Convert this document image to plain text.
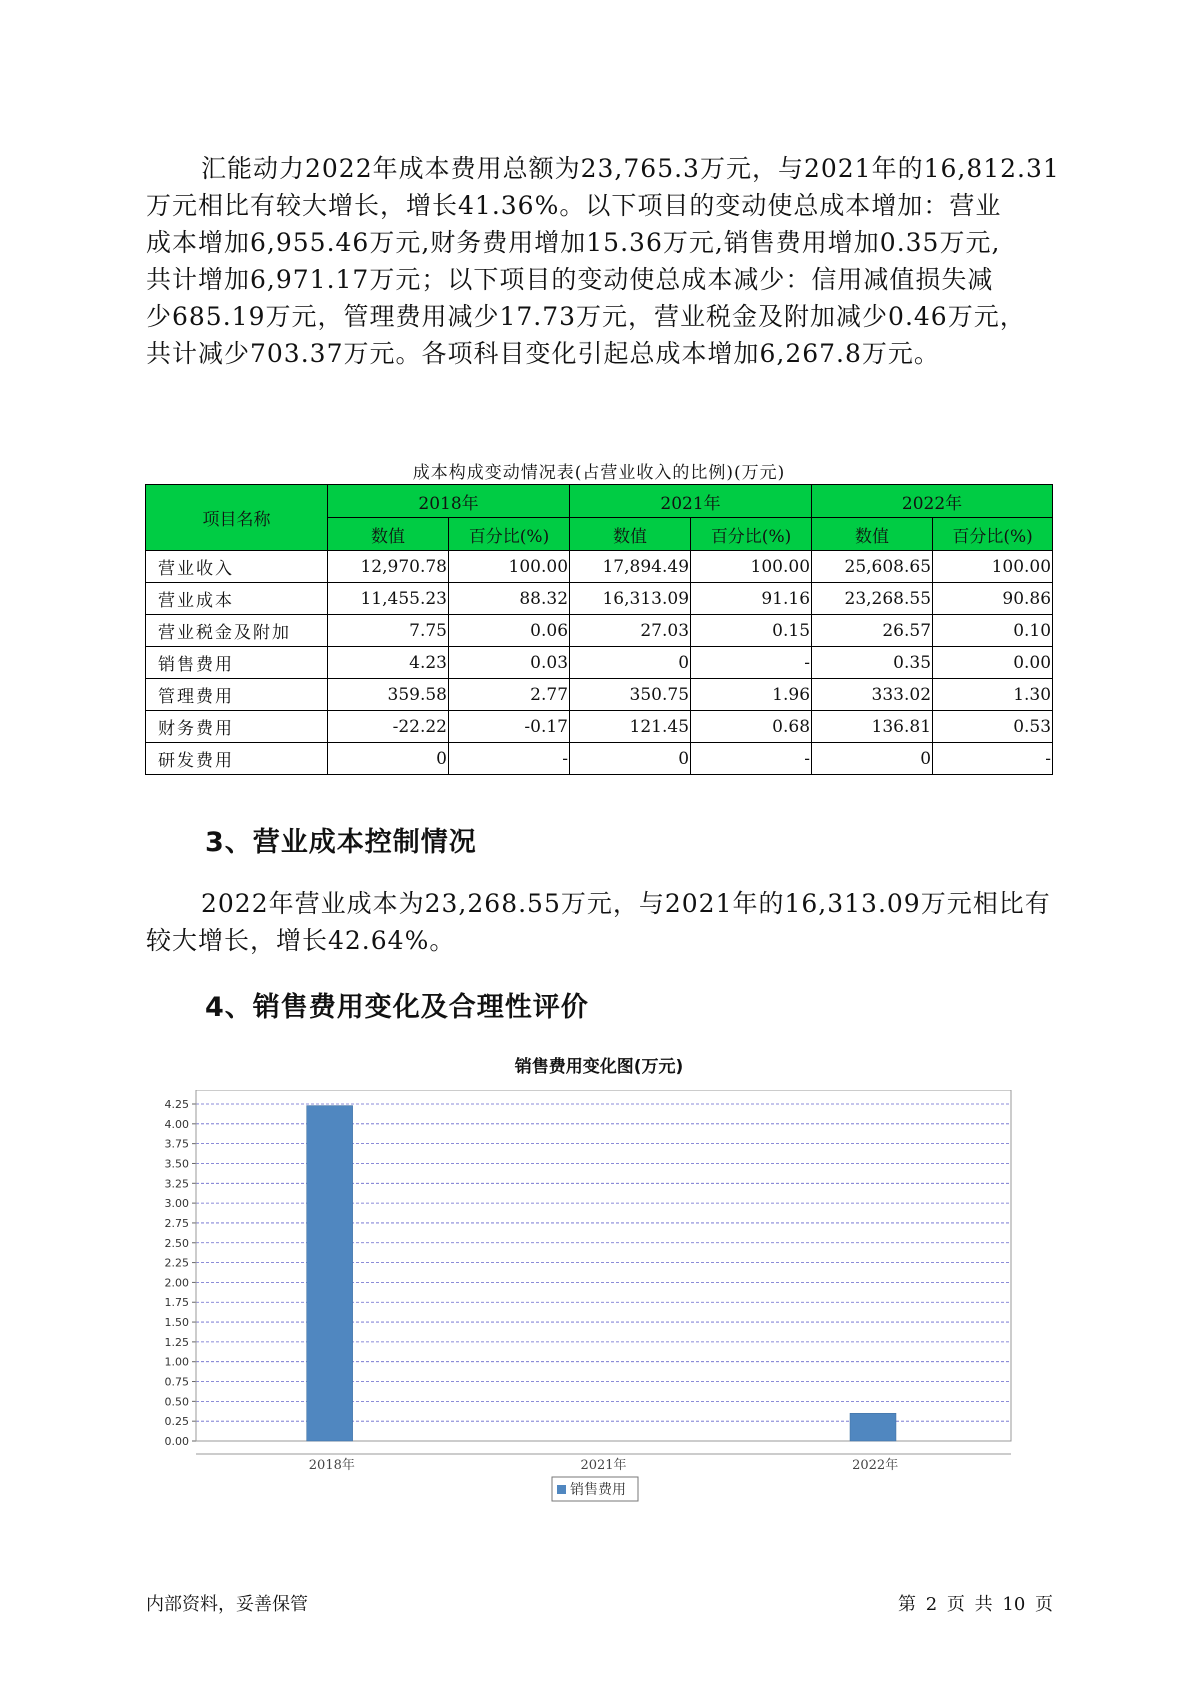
汇能动力2022年成本费用总额为23,765.3万元，与2021年的16,812.31
万元相比有较大增长，增长41.36%。以下项目的变动使总成本增加：营业
成本增加6,955.46万元,财务费用增加15.36万元,销售费用增加0.35万元,
共计增加6,971.17万元；以下项目的变动使总成本减少：信用减值损失减
少685.19万元，管理费用减少17.73万元，营业税金及附加减少0.46万元，
共计减少703.37万元。各项科目变化引起总成本增加6,267.8万元。
成本构成变动情况表(占营业收入的比例)(万元)
项目名称	2018年		2021年		2022年	
	数值	百分比(%)	数值	百分比(%)	数值	百分比(%)
营业收入	12,970.78	100.00	17,894.49	100.00	25,608.65	100.00
营业成本	11,455.23	88.32	16,313.09	91.16	23,268.55	90.86
营业税金及附加	7.75	0.06	27.03	0.15	26.57	0.10
销售费用	4.23	0.03	0	-	0.35	0.00
管理费用	359.58	2.77	350.75	1.96	333.02	1.30
财务费用	-22.22	-0.17	121.45	0.68	136.81	0.53
研发费用	0	-	0	-	0	-
3、营业成本控制情况
2022年营业成本为23,268.55万元，与2021年的16,313.09万元相比有
较大增长，增长42.64%。
4、销售费用变化及合理性评价
销售费用变化图(万元)
0.00
0.25
0.50
0.75
1.00
1.25
1.50
1.75
2.00
2.25
2.50
2.75
3.00
3.25
3.50
3.75
4.00
4.25
2018年	2021年	2022年
销售费用
内部资料，妥善保管	第 2 页 共 10 页
